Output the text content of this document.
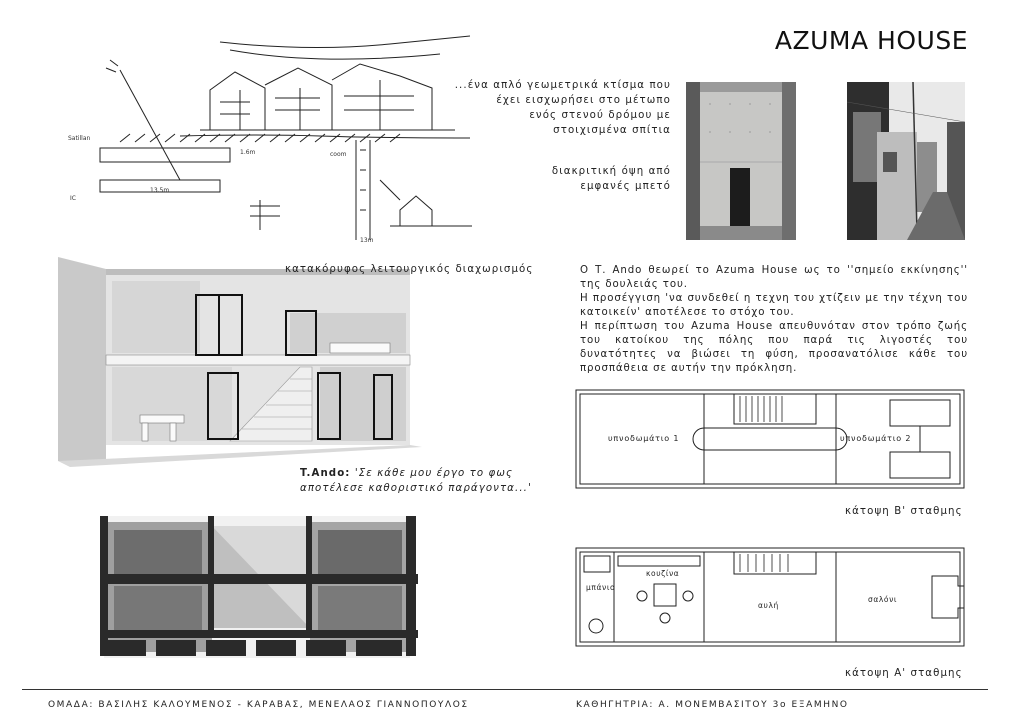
AZUMA HOUSE
Satillan
1.6m
13.5m
IC
coom
13m
...ένα απλό γεωμετρικά κτίσμα που
έχει εισχωρήσει στο μέτωπο
ενός στενού δρόμου με
στοιχισμένα σπίτια
διακριτική όψη από
εμφανές μπετό
κατακόρυφος λειτουργικός διαχωρισμός
T.Ando: 'Σε κάθε μου έργο το φως
αποτέλεσε καθοριστικό παράγοντα...'
Ο Τ. Ando θεωρεί το Azuma House ως το ''σημείο εκκίνησης'' της δουλειάς του.
Η προσέγγιση 'να συνδεθεί η τεχνη του χτίζειν με την τέχνη του κατοικείν' αποτέλεσε το στόχο του.
Η περίπτωση του Azuma House απευθυνόταν στον τρόπο ζωής του κατοίκου της πόλης που παρά τις λιγοστές του δυνατότητες να βιώσει τη φύση, προσανατόλισε κάθε του προσπάθεια σε αυτήν την πρόκληση.
υπνοδωμάτιο 1	υπνοδωμάτιο 2
κάτοψη Β' σταθμης
μπάνιο
κουζίνα
αυλή
σαλόνι
κάτοψη Α' σταθμης
ΟΜΑΔΑ: ΒΑΣΙΛΗΣ ΚΑΛΟΥΜΕΝΟΣ - ΚΑΡΑΒΑΣ, ΜΕΝΕΛΑΟΣ ΓΙΑΝΝΟΠΟΥΛΟΣ	ΚΑΘΗΓΗΤΡΙΑ: Α. ΜΟΝΕΜΒΑΣΙΤΟΥ 3ο ΕΞΑΜΗΝΟ
